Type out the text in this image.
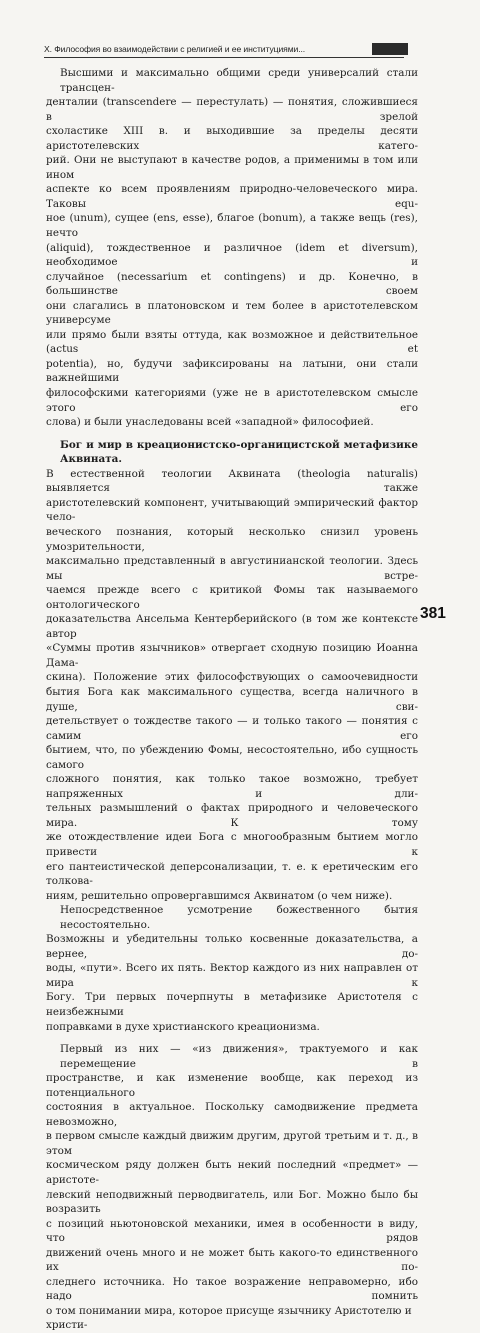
Х. Философия во взаимодействии с религией и ее институциями...
Высшими и максимально общими среди универсалий стали трансцен-
денталии (transcendere — перестулать) — понятия, сложившиеся в зрелой
схоластике XIII в. и выходившие за пределы десяти аристотелевских катего-
рий. Они не выступают в качестве родов, а применимы в том или ином
аспекте ко всем проявлениям природно-человеческого мира. Таковы equ-
ное (unum), сущее (ens, esse), благое (bonum), а также вещь (res), нечто
(aliquid), тождественное и различное (idem et diversum), необходимое и
случайное (necessarium et contingens) и др. Конечно, в большинстве своем
они слагались в платоновском и тем более в аристотелевском универсуме
или прямо были взяты оттуда, как возможное и действительное (actus et
potentia), но, будучи зафиксированы на латыни, они стали важнейшими
философскими категориями (уже не в аристотелевском смысле этого его
слова) и были унаследованы всей «западной» философией.
Бог и мир в креационистско-органицистской метафизике Аквината.
В естественной теологии Аквината (theologia naturalis) выявляется также
аристотелевский компонент, учитывающий эмпирический фактор чело-
веческого познания, который несколько снизил уровень умозрительности,
максимально представленный в августинианской теологии. Здесь мы встре-
чаемся прежде всего с критикой Фомы так называемого онтологического
доказательства Ансельма Кентерберийского (в том же контексте автор
«Суммы против язычников» отвергает сходную позицию Иоанна Дама-
скина). Положение этих философствующих о самоочевидности
бытия Бога как максимального существа, всегда наличного в душе, сви-
детельствует о тождестве такого — и только такого — понятия с самим его
бытием, что, по убеждению Фомы, несостоятельно, ибо сущность самого
сложного понятия, как только такое возможно, требует напряженных и дли-
тельных размышлений о фактах природного и человеческого мира. К тому
же отождествление идеи Бога с многообразным бытием могло привести к
его пантеистической деперсонализации, т. е. к еретическим его толкова-
ниям, решительно опровергавшимся Аквинатом (о чем ниже).
Непосредственное усмотрение божественного бытия несостоятельно.
Возможны и убедительны только косвенные доказательства, а вернее, до-
воды, «пути». Всего их пять. Вектор каждого из них направлен от мира к
Богу. Три первых почерпнуты в метафизике Аристотеля с неизбежными
поправками в духе христианского креационизма.
Первый из них — «из движения», трактуемого и как перемещение в
пространстве, и как изменение вообще, как переход из потенциального
состояния в актуальное. Поскольку самодвижение предмета невозможно,
в первом смысле каждый движим другим, другой третьим и т. д., в этом
космическом ряду должен быть некий последний «предмет» — аристоте-
левский неподвижный перводвигатель, или Бог. Можно было бы возразить
с позиций ньютоновской механики, имея в особенности в виду, что рядов
движений очень много и не может быть какого-то единственного их по-
следнего источника. Но такое возражение неправомерно, ибо надо помнить
о том понимании мира, которое присуще язычнику Аристотелю и христи-
381
